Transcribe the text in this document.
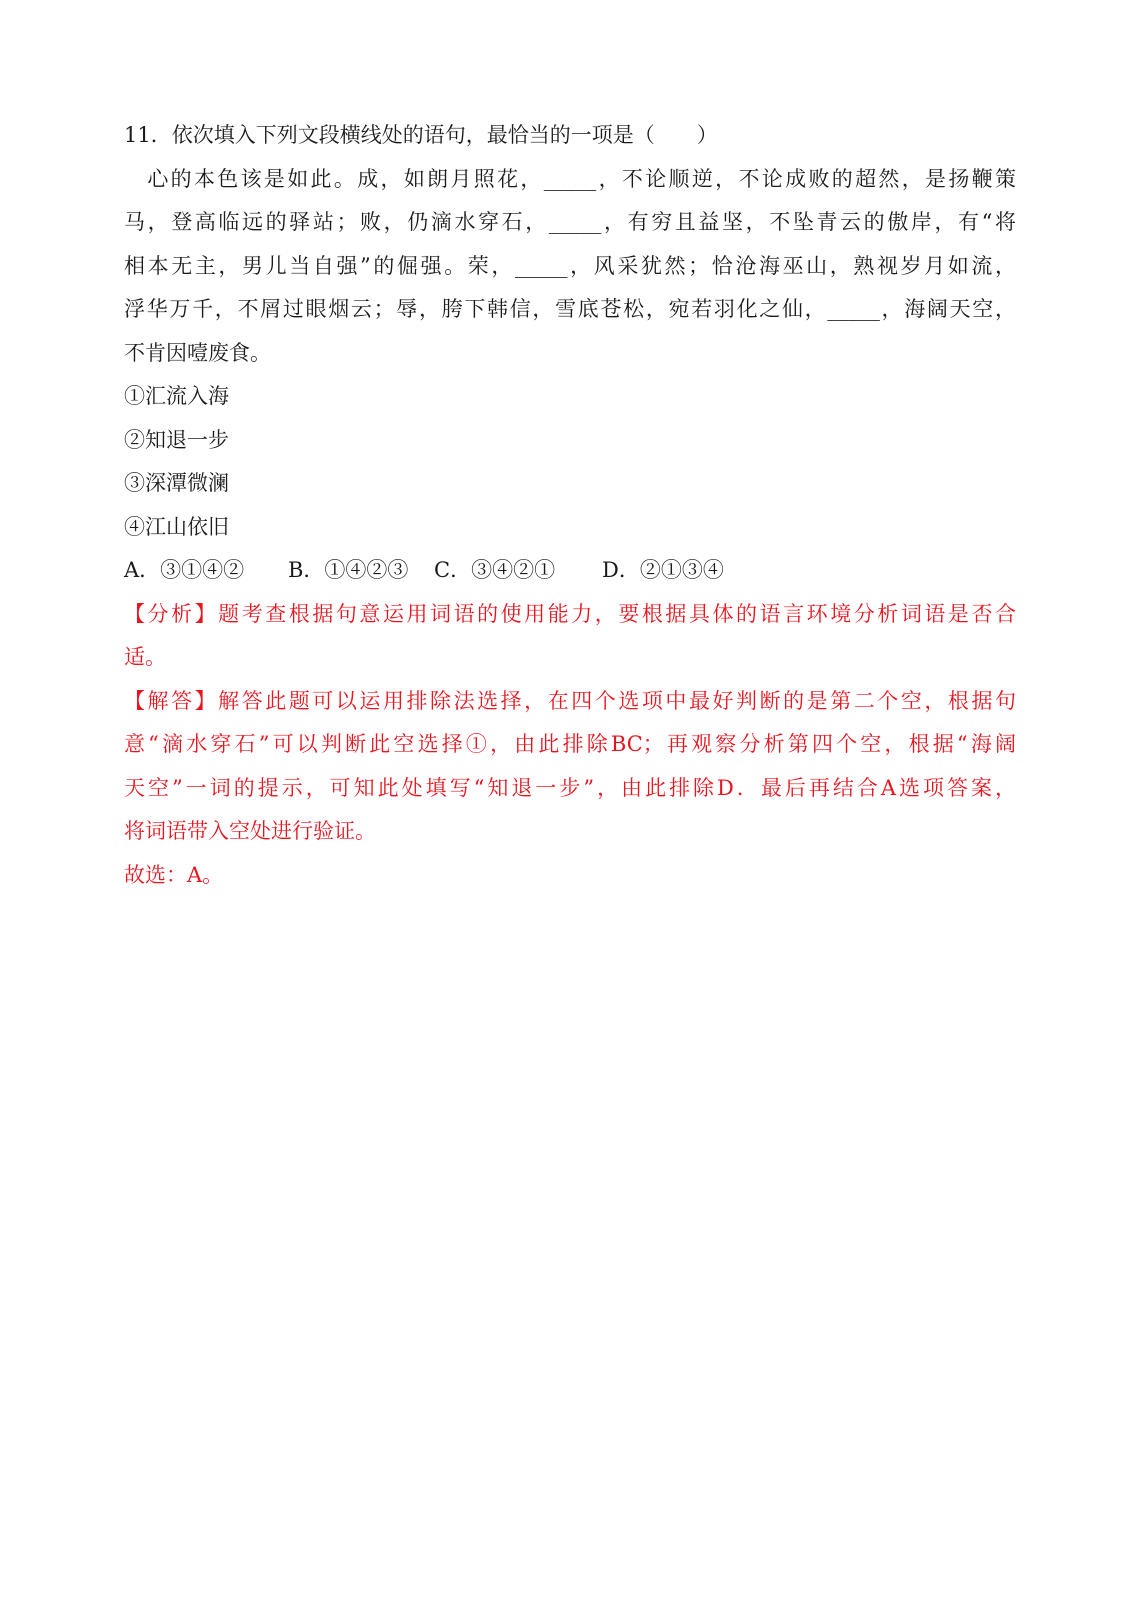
11．依次填入下列文段横线处的语句，最恰当的一项是（　　）
　心的本色该是如此。成，如朗月照花，_____，不论顺逆，不论成败的超然，是扬鞭策
马，登高临远的驿站；败，仍滴水穿石，_____，有穷且益坚，不坠青云的傲岸，有“将
相本无主，男儿当自强”的倔强。荣，_____，风采犹然；恰沧海巫山，熟视岁月如流，
浮华万千，不屑过眼烟云；辱，胯下韩信，雪底苍松，宛若羽化之仙，_____，海阔天空，
不肯因噎废食。
①汇流入海
②知退一步
③深潭微澜
④江山依旧
A．③①④② B．①④②③ C．③④②① D．②①③④
【分析】题考查根据句意运用词语的使用能力，要根据具体的语言环境分析词语是否合
适。
【解答】解答此题可以运用排除法选择，在四个选项中最好判断的是第二个空，根据句
意“滴水穿石”可以判断此空选择①，由此排除BC；再观察分析第四个空，根据“海阔
天空”一词的提示，可知此处填写“知退一步”，由此排除D．最后再结合A选项答案，
将词语带入空处进行验证。
故选：A。
